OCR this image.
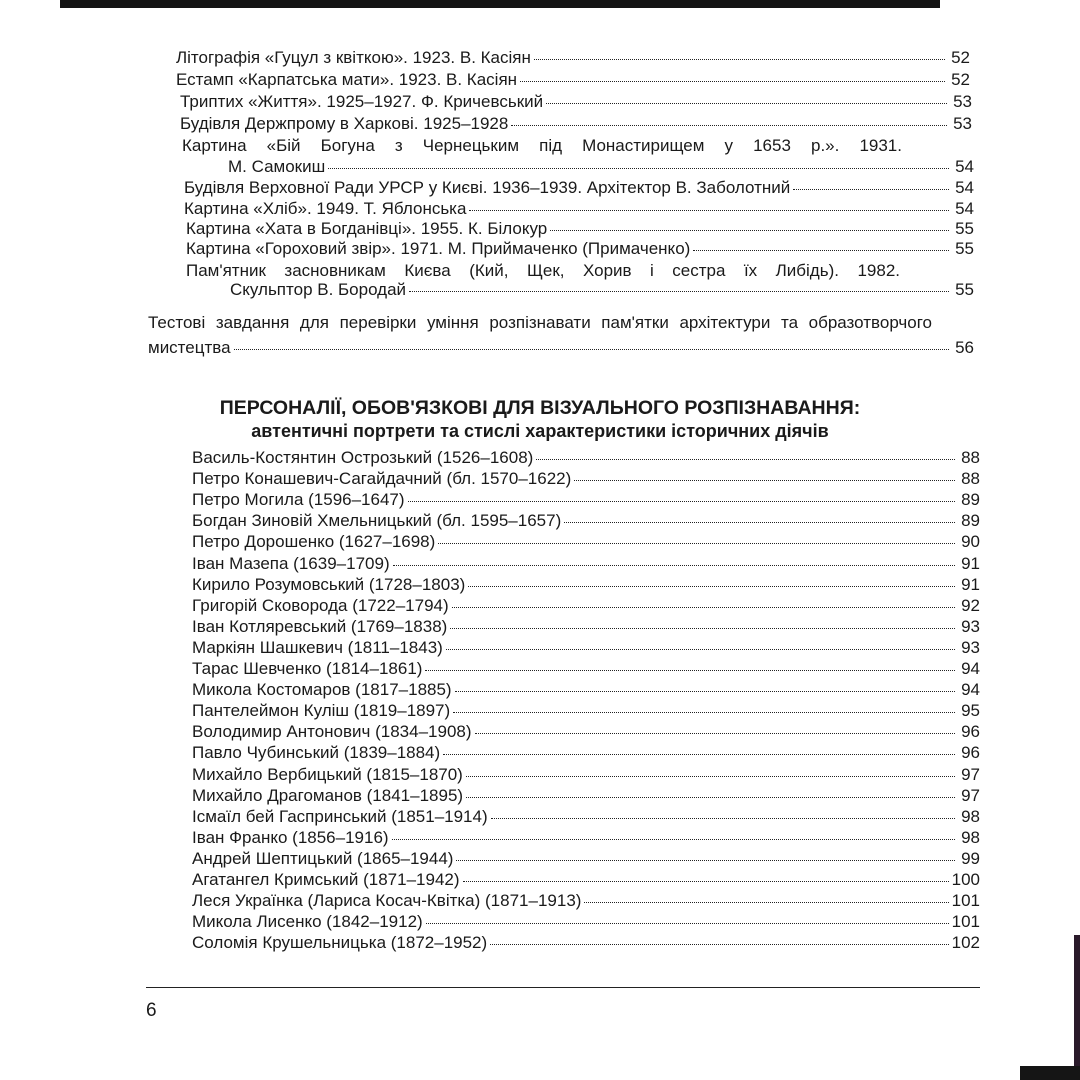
Літографія «Гуцул з квіткою». 1923. В. Касіян	52
Естамп «Карпатська мати». 1923. В. Касіян	52
Триптих «Життя». 1925–1927. Ф. Кричевський	53
Будівля Держпрому в Харкові. 1925–1928	53
Картина «Бій Богуна з Чернецьким під Монастирищем у 1653 р.». 1931.
М. Самокиш	54
Будівля Верховної Ради УРСР у Києві. 1936–1939. Архітектор В. Заболотний	54
Картина «Хліб». 1949. Т. Яблонська	54
Картина «Хата в Богданівці». 1955. К. Білокур	55
Картина «Гороховий звір». 1971. М. Приймаченко (Примаченко)	55
Пам'ятник засновникам Києва (Кий, Щек, Хорив і сестра їх Либідь). 1982.
Скульптор В. Бородай	55
Тестові завдання для перевірки уміння розпізнавати пам'ятки архітектури та образотворчого
мистецтва	56
ПЕРСОНАЛІЇ, ОБОВ'ЯЗКОВІ ДЛЯ ВІЗУАЛЬНОГО РОЗПІЗНАВАННЯ:
автентичні портрети та стислі характеристики історичних діячів
Василь-Костянтин Острозький (1526–1608)	88
Петро Конашевич-Сагайдачний (бл. 1570–1622)	88
Петро Могила (1596–1647)	89
Богдан Зиновій Хмельницький (бл. 1595–1657)	89
Петро Дорошенко (1627–1698)	90
Іван Мазепа (1639–1709)	91
Кирило Розумовський (1728–1803)	91
Григорій Сковорода (1722–1794)	92
Іван Котляревський (1769–1838)	93
Маркіян Шашкевич (1811–1843)	93
Тарас Шевченко (1814–1861)	94
Микола Костомаров (1817–1885)	94
Пантелеймон Куліш (1819–1897)	95
Володимир Антонович (1834–1908)	96
Павло Чубинський (1839–1884)	96
Михайло Вербицький (1815–1870)	97
Михайло Драгоманов (1841–1895)	97
Ісмаїл бей Гаспринський (1851–1914)	98
Іван Франко (1856–1916)	98
Андрей Шептицький (1865–1944)	99
Агатангел Кримський (1871–1942)	100
Леся Українка (Лариса Косач-Квітка) (1871–1913)	101
Микола Лисенко (1842–1912)	101
Соломія Крушельницька (1872–1952)	102
6
